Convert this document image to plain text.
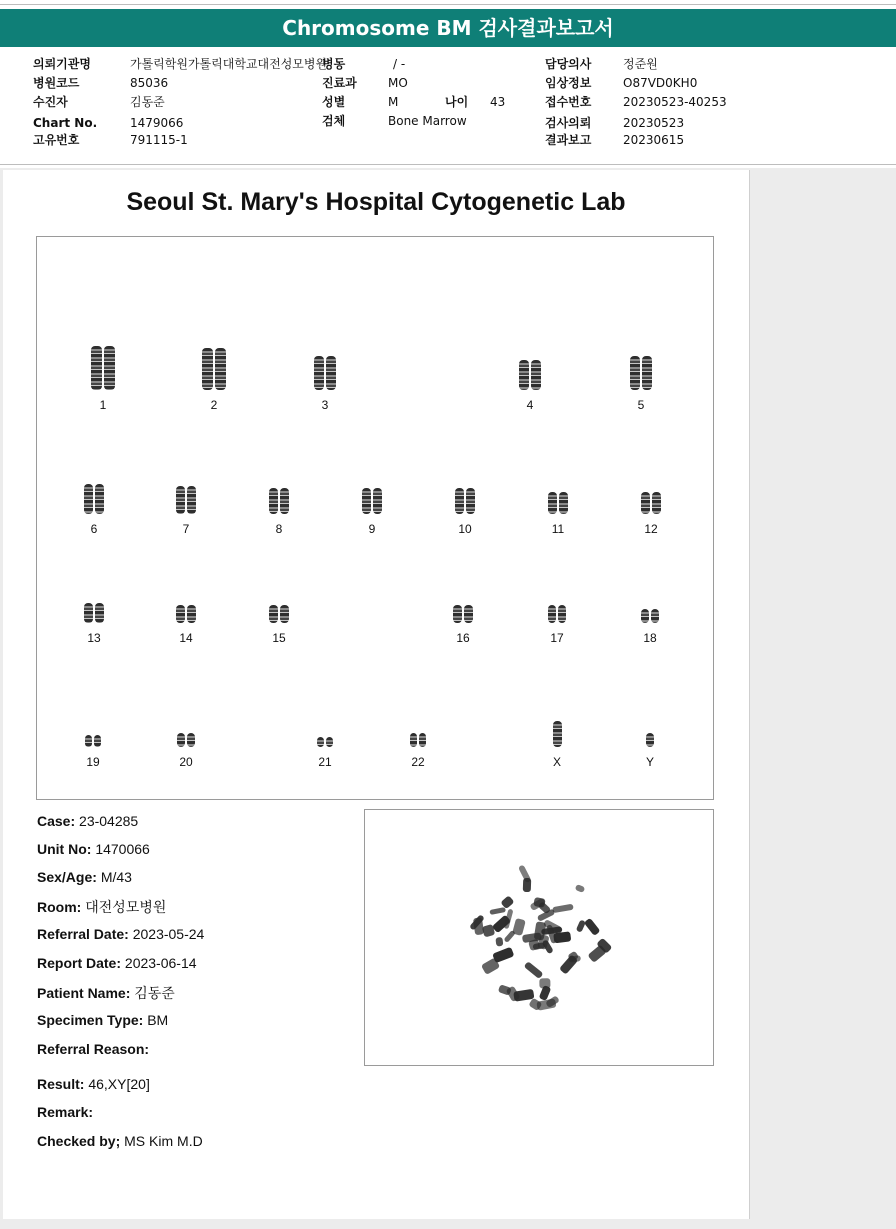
Chromosome BM 검사결과보고서
의뢰기관명	가톨릭학원가톨릭대학교대전성모병원
병원코드	85036
수진자	김동준
Chart No.	1479066
고유번호	791115-1
병동	/ -
진료과	MO
성별	M	나이 43
검체	Bone Marrow
담당의사	정준원
임상정보	O87VD0KH0
접수번호	20230523-40253
검사의뢰	20230523
결과보고	20230615
Seoul St. Mary's Hospital Cytogenetic Lab
1	2	3	4	5
6	7	8	9	10	11	12
13	14	15	16	17	18
19	20	21	22	X	Y
Case: 23-04285
Unit No: 1470066
Sex/Age: M/43
Room: 대전성모병원
Referral Date: 2023-05-24
Report Date: 2023-06-14
Patient Name: 김동준
Specimen Type: BM
Referral Reason:
Result: 46,XY[20]
Remark:
Checked by; MS Kim M.D
